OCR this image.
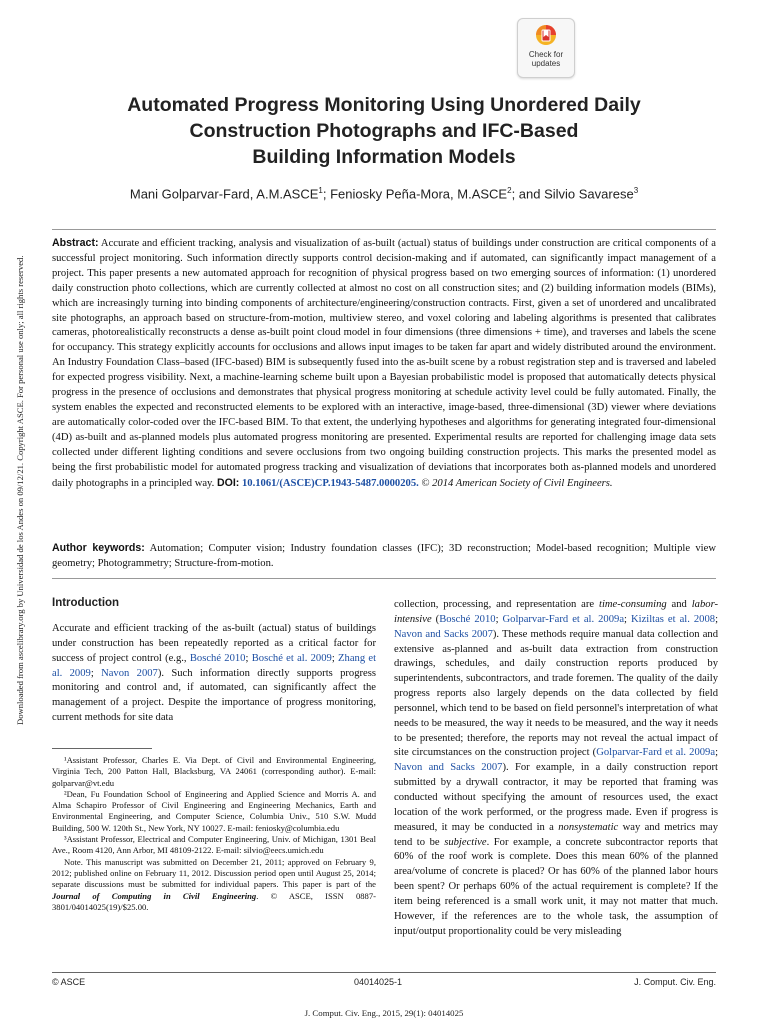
Downloaded from ascelibrary.org by Universidad de los Andes on 09/12/21. Copyright ASCE. For personal use only; all rights reserved.
Check for
updates
Automated Progress Monitoring Using Unordered Daily
Construction Photographs and IFC-Based
Building Information Models
Mani Golparvar-Fard, A.M.ASCE$^1$; Feniosky Peña-Mora, M.ASCE$^2$; and Silvio Savarese$^3$

Abstract: Accurate and efficient tracking, analysis and visualization of as-built (actual) status of buildings under construction are critical components of a successful project monitoring. Such information directly supports control decision-making and if automated, can significantly impact management of a project. This paper presents a new automated approach for recognition of physical progress based on two emerging sources of information: (1) unordered daily construction photo collections, which are currently collected at almost no cost on all construction sites; and (2) building information models (BIMs), which are increasingly turning into binding components of architecture/engineering/construction contracts. First, given a set of unordered and uncalibrated site photographs, an approach based on structure-from-motion, multiview stereo, and voxel coloring and labeling algorithms is presented that calibrates cameras, photorealistically reconstructs a dense as-built point cloud model in four dimensions (three dimensions + time), and traverses and labels the scene for occupancy. This strategy explicitly accounts for occlusions and allows input images to be taken far apart and widely distributed around the environment. An Industry Foundation Class–based (IFC-based) BIM is subsequently fused into the as-built scene by a robust registration step and is traversed and labeled for expected progress visibility. Next, a machine-learning scheme built upon a Bayesian probabilistic model is proposed that automatically detects physical progress in the presence of occlusions and demonstrates that physical progress monitoring at schedule activity level could be fully automated. Finally, the system enables the expected and reconstructed elements to be explored with an interactive, image-based, three-dimensional (3D) viewer where deviations are automatically color-coded over the IFC-based BIM. To that extent, the underlying hypotheses and algorithms for generating integrated four-dimensional (4D) as-built and as-planned models plus automated progress monitoring are presented. Experimental results are reported for challenging image data sets collected under different lighting conditions and severe occlusions from two ongoing building construction projects. This marks the presented model as being the first probabilistic model for automated progress tracking and visualization of deviations that incorporates both as-planned models and unordered daily photographs in a principled way. DOI: 10.1061/(ASCE)CP.1943-5487.0000205. © 2014 American Society of Civil Engineers.

Author keywords: Automation; Computer vision; Industry foundation classes (IFC); 3D reconstruction; Model-based recognition; Multiple view geometry; Photogrammetry; Structure-from-motion.

Introduction

Accurate and efficient tracking of the as-built (actual) status of buildings under construction has been repeatedly reported as a critical factor for success of project control (e.g., Bosché 2010; Bosché et al. 2009; Zhang et al. 2009; Navon 2007). Such information directly supports progress monitoring and control and, if automated, can significantly affect the management of a project. Despite the importance of progress monitoring, current methods for site data

¹Assistant Professor, Charles E. Via Dept. of Civil and Environmental Engineering, Virginia Tech, 200 Patton Hall, Blacksburg, VA 24061 (corresponding author). E-mail: golparvar@vt.edu

²Dean, Fu Foundation School of Engineering and Applied Science and Morris A. and Alma Schapiro Professor of Civil Engineering and Engineering Mechanics, Earth and Environmental Engineering, and Computer Science, Columbia Univ., 510 S.W. Mudd Building, 500 W. 120th St., New York, NY 10027. E-mail: feniosky@columbia.edu

³Assistant Professor, Electrical and Computer Engineering, Univ. of Michigan, 1301 Beal Ave., Room 4120, Ann Arbor, MI 48109-2122. E-mail: silvio@eecs.umich.edu

Note. This manuscript was submitted on December 21, 2011; approved on February 9, 2012; published online on February 11, 2012. Discussion period open until August 25, 2014; separate discussions must be submitted for individual papers. This paper is part of the Journal of Computing in Civil Engineering. © ASCE, ISSN 0887-3801/04014025(19)/$25.00.

collection, processing, and representation are time-consuming and labor-intensive (Bosché 2010; Golparvar-Fard et al. 2009a; Kiziltas et al. 2008; Navon and Sacks 2007). These methods require manual data collection and extensive as-planned and as-built data extraction from construction drawings, schedules, and daily construction reports produced by superintendents, subcontractors, and trade foremen. The quality of the daily progress reports also largely depends on the data collected by field personnel, which tend to be based on field personnel's interpretation of what needs to be measured, the way it needs to be measured, and the way it needs to be presented; therefore, the reports may not reveal the actual impact of site circumstances on the construction project (Golparvar-Fard et al. 2009a; Navon and Sacks 2007). For example, in a daily construction report submitted by a drywall contractor, it may be reported that framing was conducted without specifying the amount of resources used, the exact location of the work performed, or the progress made. Even if progress is measured, it may be conducted in a nonsystematic way and metrics may tend to be subjective. For example, a concrete subcontractor reports that 60% of the roof work is complete. Does this mean 60% of the planned area/volume of concrete is placed? Or has 60% of the planned labor hours been spent? Or perhaps 60% of the actual requirement is complete? If the item being referenced is a small work unit, it may not matter that much. However, if the references are to the whole task, the assumption of input/output proportionality could be very misleading

© ASCE	04014025-1	J. Comput. Civ. Eng.
J. Comput. Civ. Eng., 2015, 29(1): 04014025
